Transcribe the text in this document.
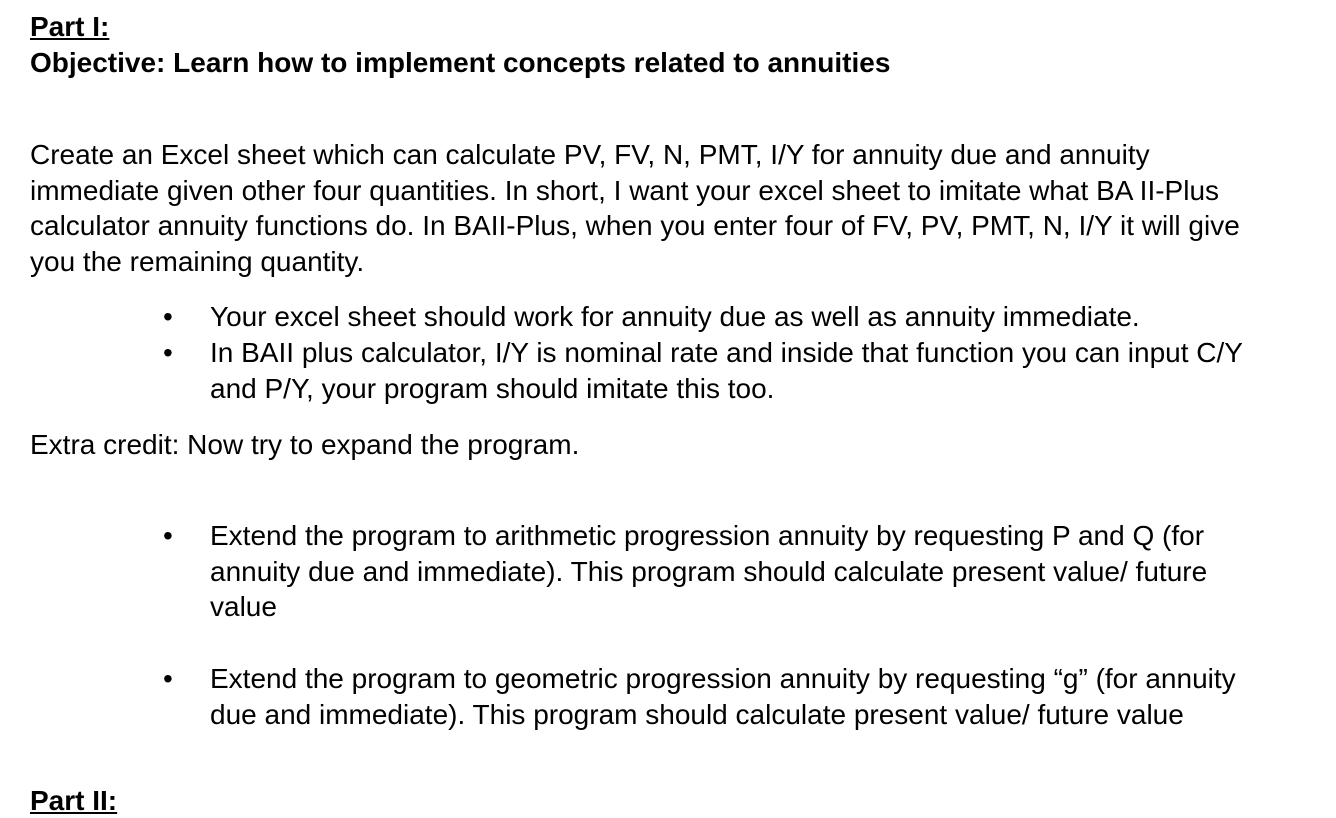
Part I:
Objective: Learn how to implement concepts related to annuities
Create an Excel sheet which can calculate PV, FV, N, PMT, I/Y for annuity due and annuity
immediate given other four quantities. In short, I want your excel sheet to imitate what BA II-Plus
calculator annuity functions do. In BAII-Plus, when you enter four of FV, PV, PMT, N, I/Y it will give
you the remaining quantity.
•	Your excel sheet should work for annuity due as well as annuity immediate.
•	In BAII plus calculator, I/Y is nominal rate and inside that function you can input C/Y
and P/Y, your program should imitate this too.
Extra credit: Now try to expand the program.
•	Extend the program to arithmetic progression annuity by requesting P and Q (for
annuity due and immediate). This program should calculate present value/ future
value
•	Extend the program to geometric progression annuity by requesting “g” (for annuity
due and immediate). This program should calculate present value/ future value
Part II:
